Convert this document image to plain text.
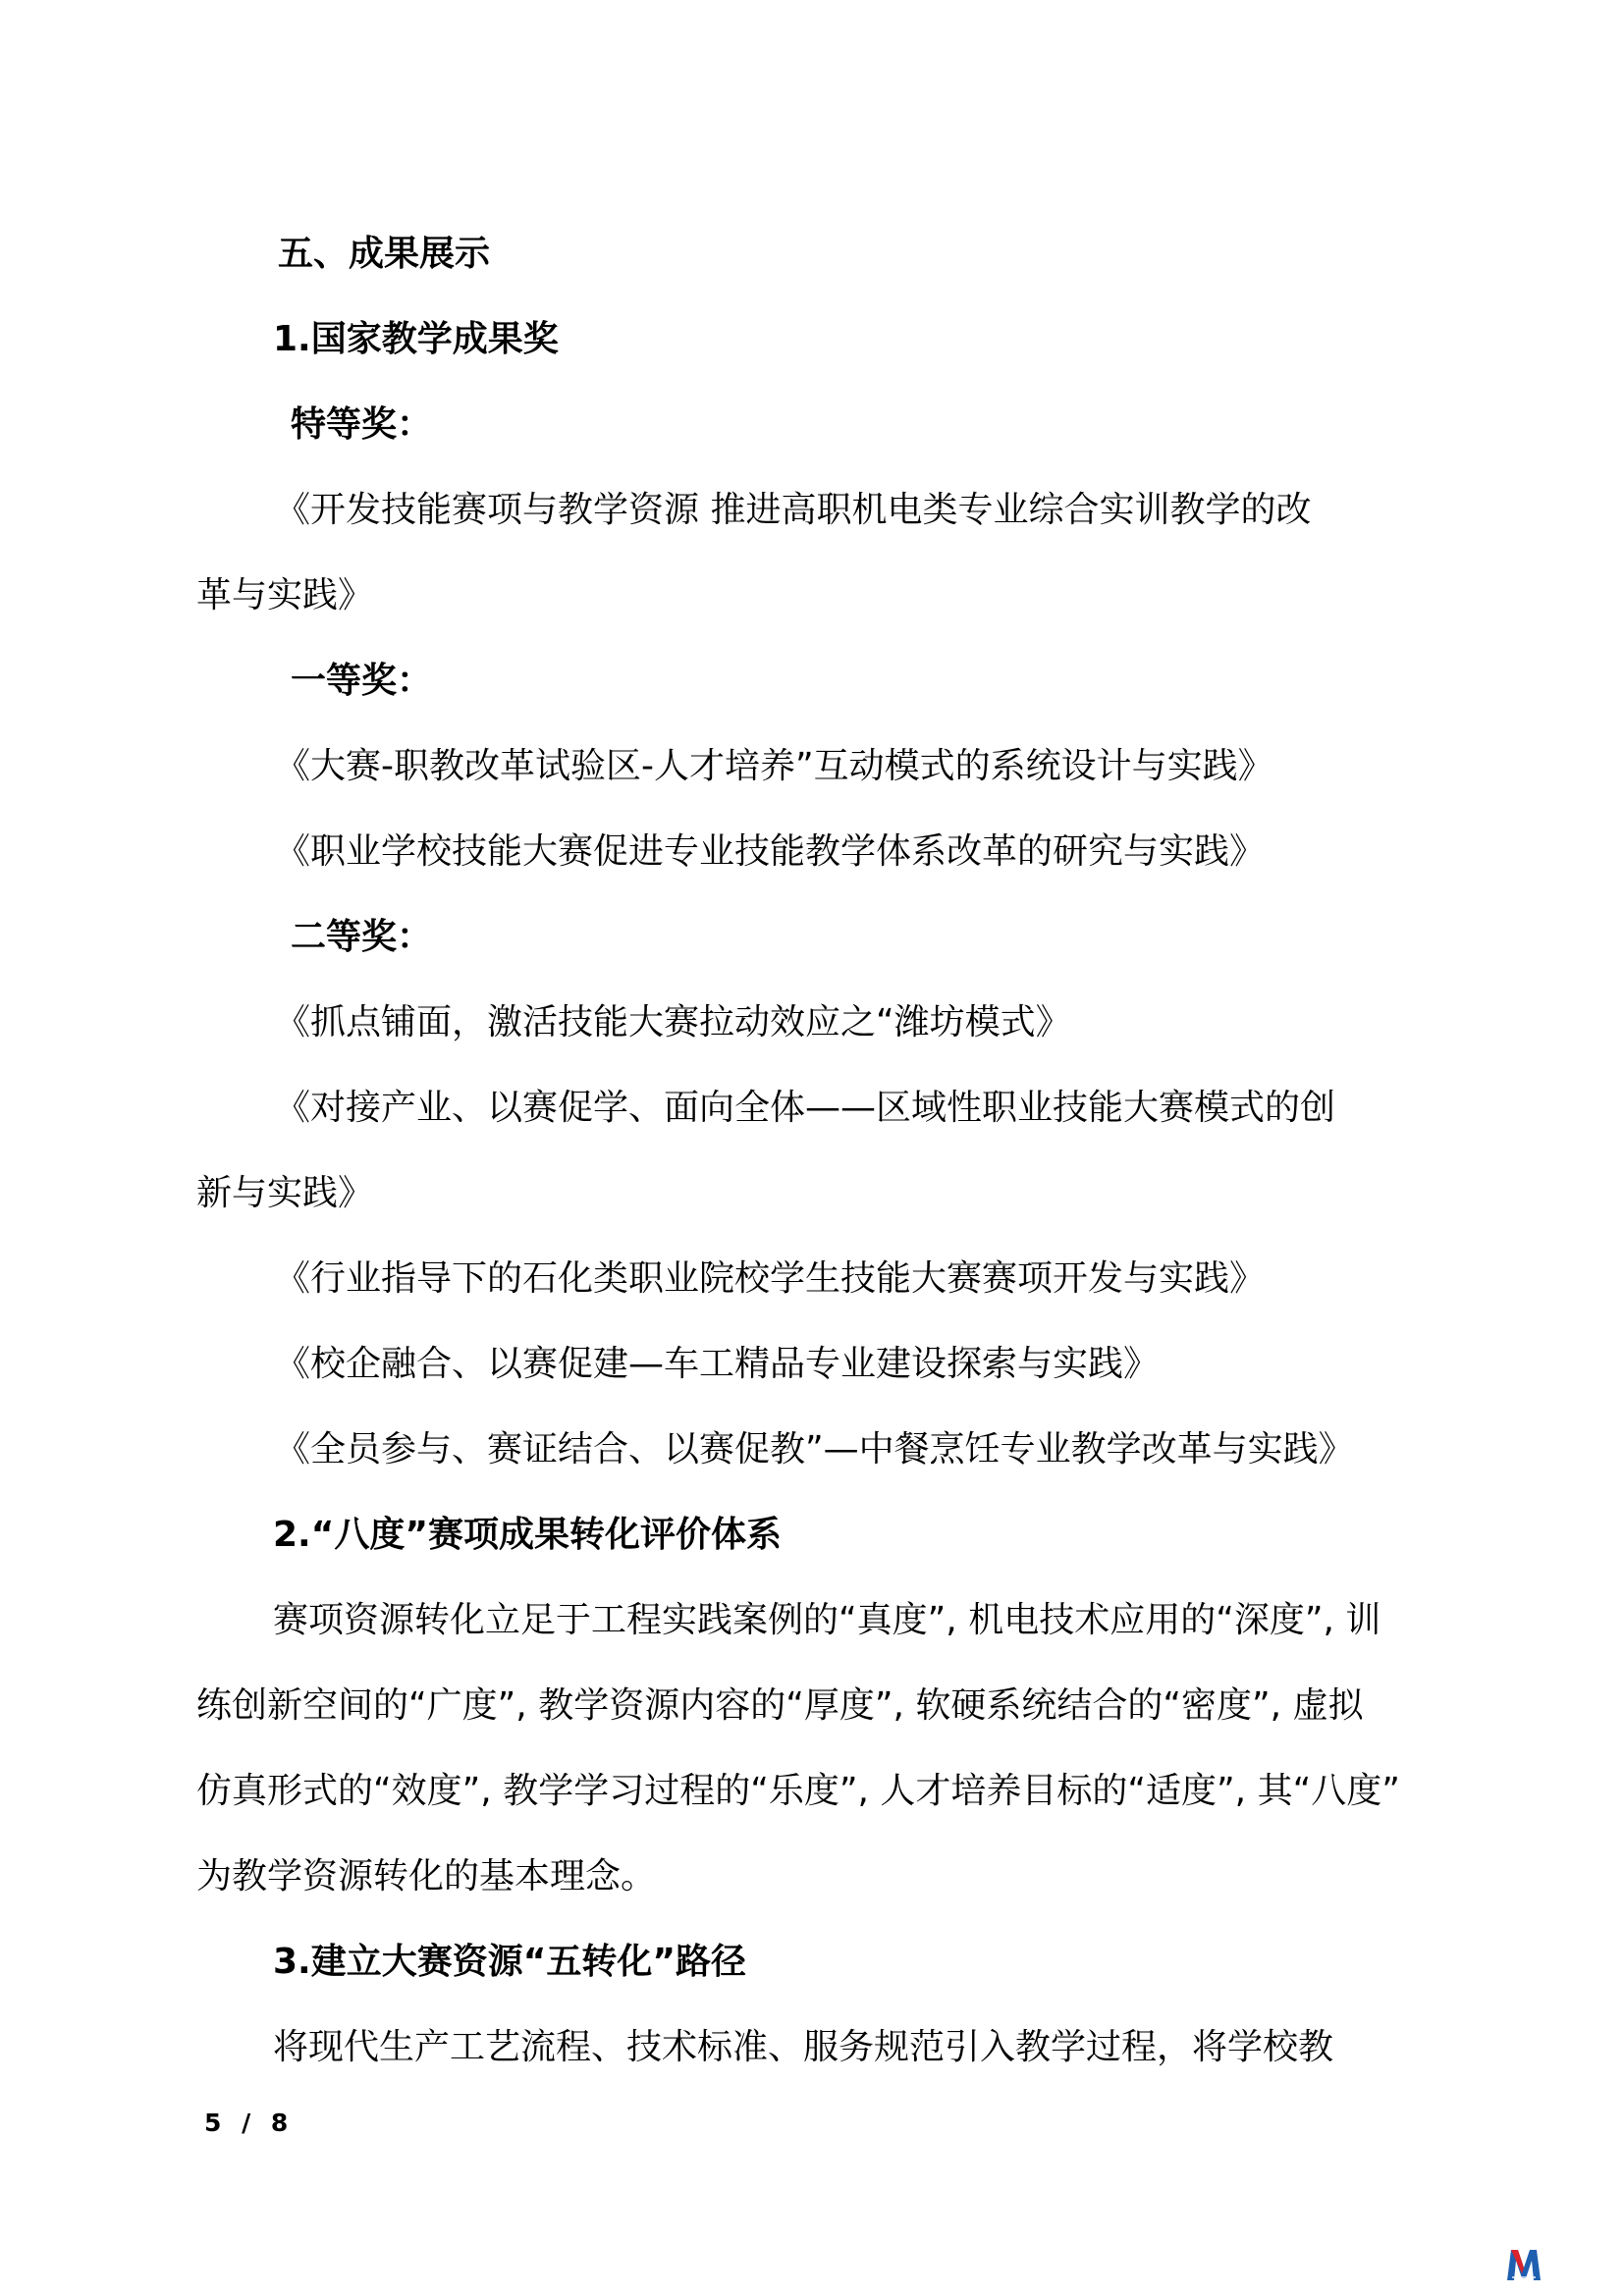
五、成果展示

1.国家教学成果奖

特等奖：

《开发技能赛项与教学资源 推进高职机电类专业综合实训教学的改

革与实践》

一等奖：

《大赛-职教改革试验区-人才培养”互动模式的系统设计与实践》

《职业学校技能大赛促进专业技能教学体系改革的研究与实践》

二等奖：

《抓点铺面，激活技能大赛拉动效应之“潍坊模式》

《对接产业、以赛促学、面向全体——区域性职业技能大赛模式的创

新与实践》

《行业指导下的石化类职业院校学生技能大赛赛项开发与实践》

《校企融合、以赛促建—车工精品专业建设探索与实践》

《全员参与、赛证结合、以赛促教”—中餐烹饪专业教学改革与实践》

2.“八度”赛项成果转化评价体系

赛项资源转化立足于工程实践案例的“真度”, 机电技术应用的“深度”, 训

练创新空间的“广度”, 教学资源内容的“厚度”, 软硬系统结合的“密度”, 虚拟

仿真形式的“效度”, 教学学习过程的“乐度”, 人才培养目标的“适度”, 其“八度”

为教学资源转化的基本理念。

3.建立大赛资源“五转化”路径

将现代生产工艺流程、技术标准、服务规范引入教学过程，将学校教

5 / 8
